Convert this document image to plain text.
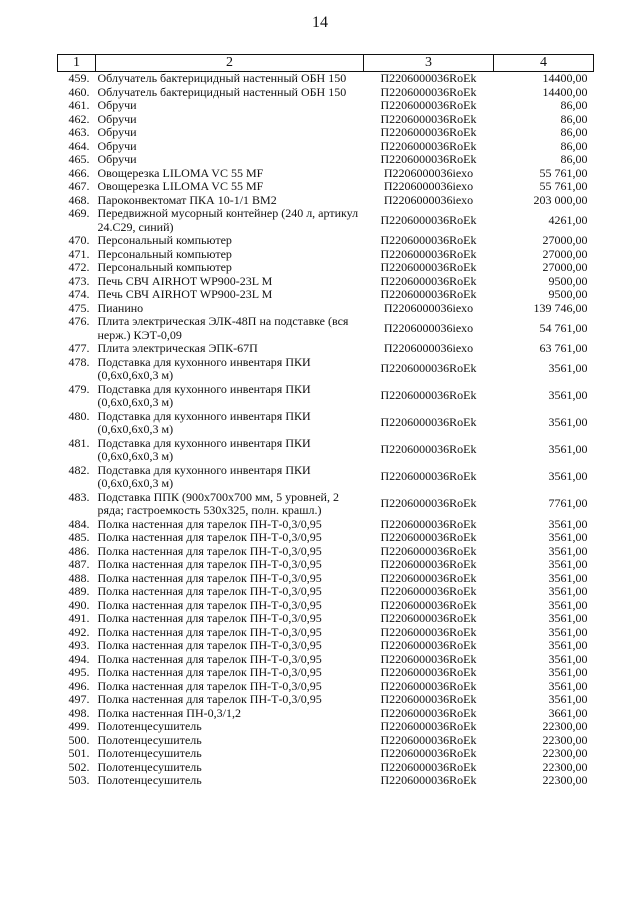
14
1	2	3	4
459.	Облучатель бактерицидный настенный ОБН 150	П2206000036RoEk	14400,00
460.	Облучатель бактерицидный настенный ОБН 150	П2206000036RoEk	14400,00
461.	Обручи	П2206000036RoEk	86,00
462.	Обручи	П2206000036RoEk	86,00
463.	Обручи	П2206000036RoEk	86,00
464.	Обручи	П2206000036RoEk	86,00
465.	Обручи	П2206000036RoEk	86,00
466.	Овощерезка LILOMA VC 55 MF	П2206000036iexo	55 761,00
467.	Овощерезка LILOMA VC 55 MF	П2206000036iexo	55 761,00
468.	Пароконвектомат ПКА 10-1/1 ВМ2	П2206000036iexo	203 000,00
469.	Передвижной мусорный контейнер (240 л, артикул 24.С29, синий)	П2206000036RoEk	4261,00
470.	Персональный компьютер	П2206000036RoEk	27000,00
471.	Персональный компьютер	П2206000036RoEk	27000,00
472.	Персональный компьютер	П2206000036RoEk	27000,00
473.	Печь СВЧ AIRHOT WP900-23L M	П2206000036RoEk	9500,00
474.	Печь СВЧ AIRHOT WP900-23L M	П2206000036RoEk	9500,00
475.	Пианино	П2206000036iexo	139 746,00
476.	Плита электрическая ЭЛК-48П на подставке (вся нерж.) КЭТ-0,09	П2206000036iexo	54 761,00
477.	Плита электрическая ЭПК-67П	П2206000036iexo	63 761,00
478.	Подставка для кухонного инвентаря ПКИ (0,6х0,6х0,3 м)	П2206000036RoEk	3561,00
479.	Подставка для кухонного инвентаря ПКИ (0,6х0,6х0,3 м)	П2206000036RoEk	3561,00
480.	Подставка для кухонного инвентаря ПКИ (0,6х0,6х0,3 м)	П2206000036RoEk	3561,00
481.	Подставка для кухонного инвентаря ПКИ (0,6х0,6х0,3 м)	П2206000036RoEk	3561,00
482.	Подставка для кухонного инвентаря ПКИ (0,6х0,6х0,3 м)	П2206000036RoEk	3561,00
483.	Подставка ППК (900х700х700 мм, 5 уровней, 2 ряда; гастроемкость 530х325, полн. крашл.)	П2206000036RoEk	7761,00
484.	Полка настенная для тарелок ПН-Т-0,3/0,95	П2206000036RoEk	3561,00
485.	Полка настенная для тарелок ПН-Т-0,3/0,95	П2206000036RoEk	3561,00
486.	Полка настенная для тарелок ПН-Т-0,3/0,95	П2206000036RoEk	3561,00
487.	Полка настенная для тарелок ПН-Т-0,3/0,95	П2206000036RoEk	3561,00
488.	Полка настенная для тарелок ПН-Т-0,3/0,95	П2206000036RoEk	3561,00
489.	Полка настенная для тарелок ПН-Т-0,3/0,95	П2206000036RoEk	3561,00
490.	Полка настенная для тарелок ПН-Т-0,3/0,95	П2206000036RoEk	3561,00
491.	Полка настенная для тарелок ПН-Т-0,3/0,95	П2206000036RoEk	3561,00
492.	Полка настенная для тарелок ПН-Т-0,3/0,95	П2206000036RoEk	3561,00
493.	Полка настенная для тарелок ПН-Т-0,3/0,95	П2206000036RoEk	3561,00
494.	Полка настенная для тарелок ПН-Т-0,3/0,95	П2206000036RoEk	3561,00
495.	Полка настенная для тарелок ПН-Т-0,3/0,95	П2206000036RoEk	3561,00
496.	Полка настенная для тарелок ПН-Т-0,3/0,95	П2206000036RoEk	3561,00
497.	Полка настенная для тарелок ПН-Т-0,3/0,95	П2206000036RoEk	3561,00
498.	Полка настенная ПН-0,3/1,2	П2206000036RoEk	3661,00
499.	Полотенцесушитель	П2206000036RoEk	22300,00
500.	Полотенцесушитель	П2206000036RoEk	22300,00
501.	Полотенцесушитель	П2206000036RoEk	22300,00
502.	Полотенцесушитель	П2206000036RoEk	22300,00
503.	Полотенцесушитель	П2206000036RoEk	22300,00
